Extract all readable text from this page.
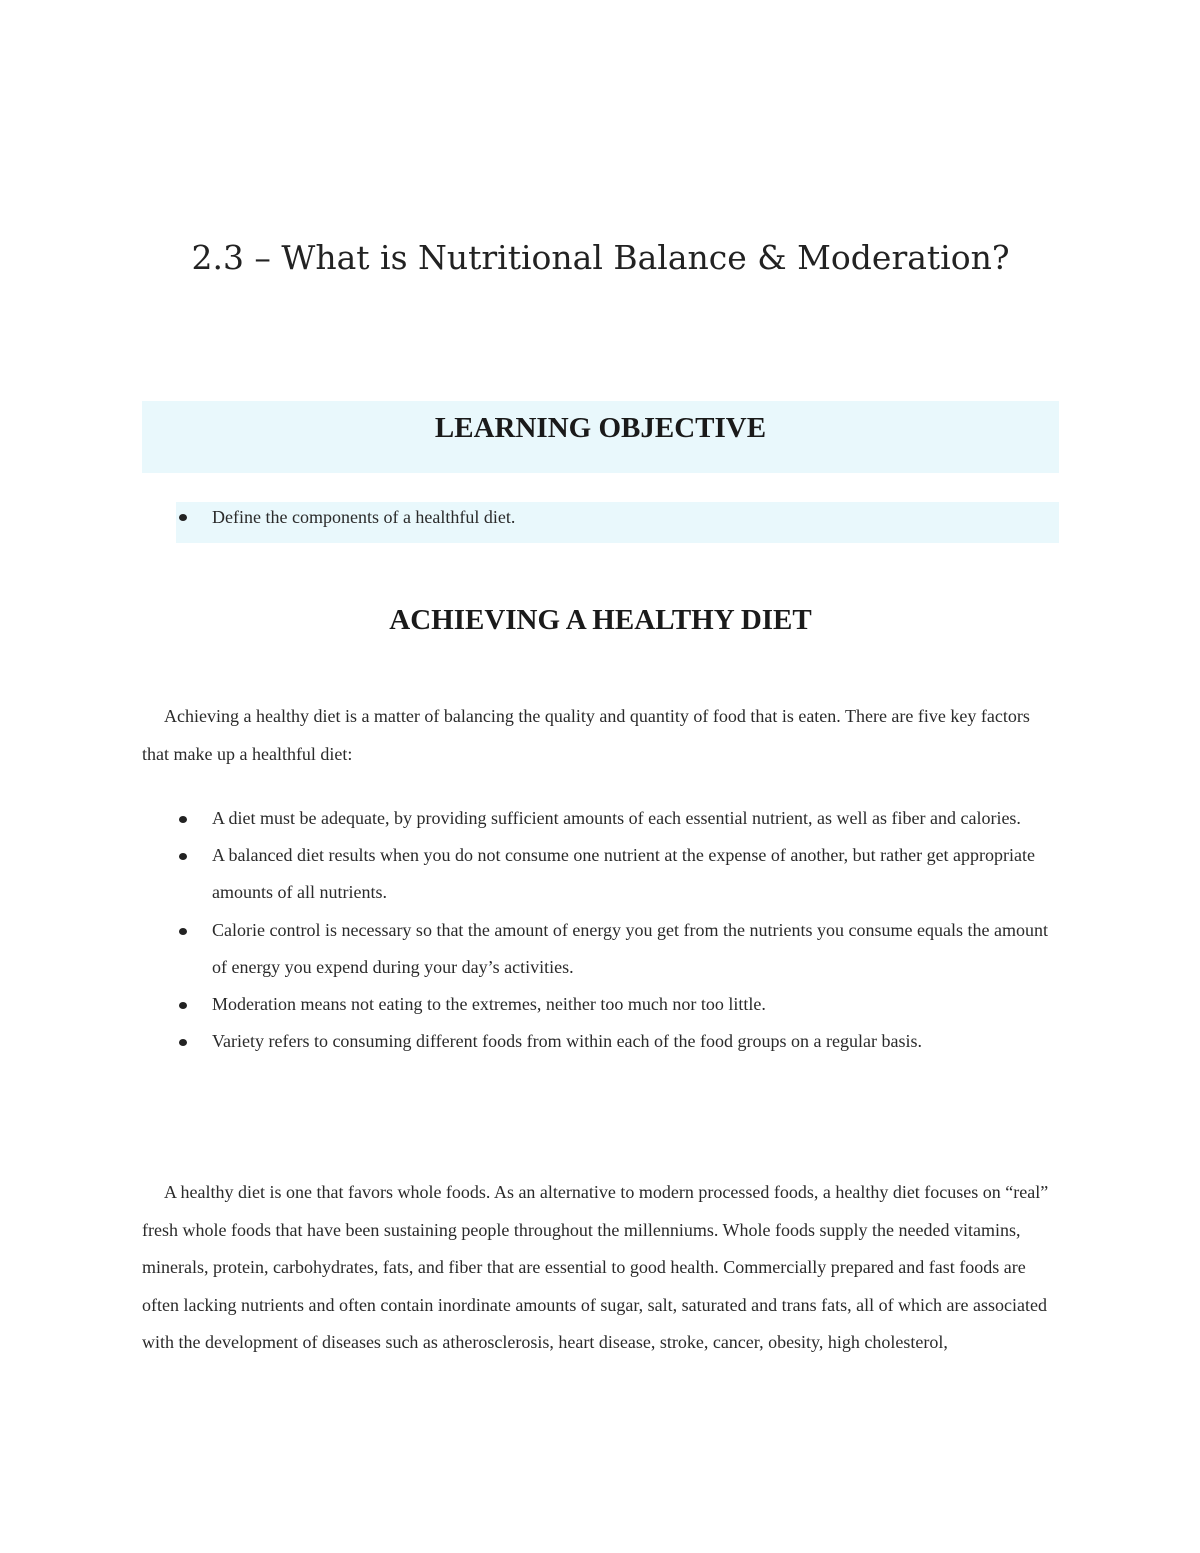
2.3 – What is Nutritional Balance & Moderation?
LEARNING OBJECTIVE
Define the components of a healthful diet.
ACHIEVING A HEALTHY DIET

Achieving a healthy diet is a matter of balancing the quality and quantity of food that is eaten. There are five key factors that make up a healthful diet:

A diet must be adequate, by providing sufficient amounts of each essential nutrient, as well as fiber and calories.
A balanced diet results when you do not consume one nutrient at the expense of another, but rather get appropriate amounts of all nutrients.
Calorie control is necessary so that the amount of energy you get from the nutrients you consume equals the amount of energy you expend during your day’s activities.
Moderation means not eating to the extremes, neither too much nor too little.
Variety refers to consuming different foods from within each of the food groups on a regular basis.

A healthy diet is one that favors whole foods. As an alternative to modern processed foods, a healthy diet focuses on “real” fresh whole foods that have been sustaining people throughout the millenniums. Whole foods supply the needed vitamins, minerals, protein, carbohydrates, fats, and fiber that are essential to good health. Commercially prepared and fast foods are often lacking nutrients and often contain inordinate amounts of sugar, salt, saturated and trans fats, all of which are associated with the development of diseases such as atherosclerosis, heart disease, stroke, cancer, obesity, high cholesterol,
